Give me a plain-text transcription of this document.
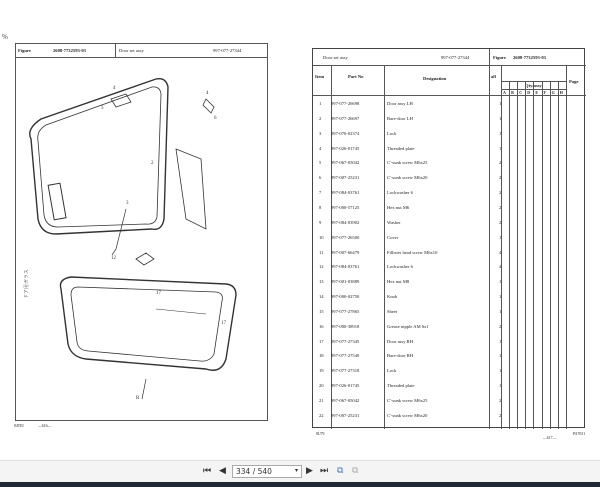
%
Figure	2608-7732593-03	Door set assy	997-077-27344
4
3
4
6
2
3
12
17
17
R
ドア用ガラス
84TEI	—616—
Door set assy	997-077-27344	Figure 2608-7732593-03
Item	Part No	Designation	all
Page
A B C D E F G H
1 997-077-26698	Door assy LH	1
2 997-077-26697	Bare-door LH	1
3 997-070-02374	Lock	1
4 997-026-01745	Threaded plate	1
5 997-067-05042	C'-sunk screw M6x25	2
6 997-007-25231	C'-sunk screw M6x20	2
7 997-084-03761	Lockwasher 6	2
8 997-000-57125	Hex nut M6	2
9 997-084-03902	Washer	2
10 997-077-26500	Cover	1
11 997-007-66479	Fillister head screw M6x10	4
12 997-084-03761	Lockwasher 6	4
13 997-001-03889	Hex nut M8	1
14 997-000-02750	Knob	1
15 997-077-27865	Sheet	1
16 997-000-38918	Grease nipple AM 6x1	2
17 997-077-27345	Door assy RH	1
18 997-077-27540	Bare-door RH	1
19 997-077-27318	Lock	1
20 997-026-01745	Threaded plate	1
21 997-067-05042	C'-sunk screw M6x25	2
22 997-007-25231	C'-sunk screw M6x20	2
8U79
—617—
PA7031
⏮ ◀	334 / 540	▾ ▶ ⏭ ⧉ ⧉
